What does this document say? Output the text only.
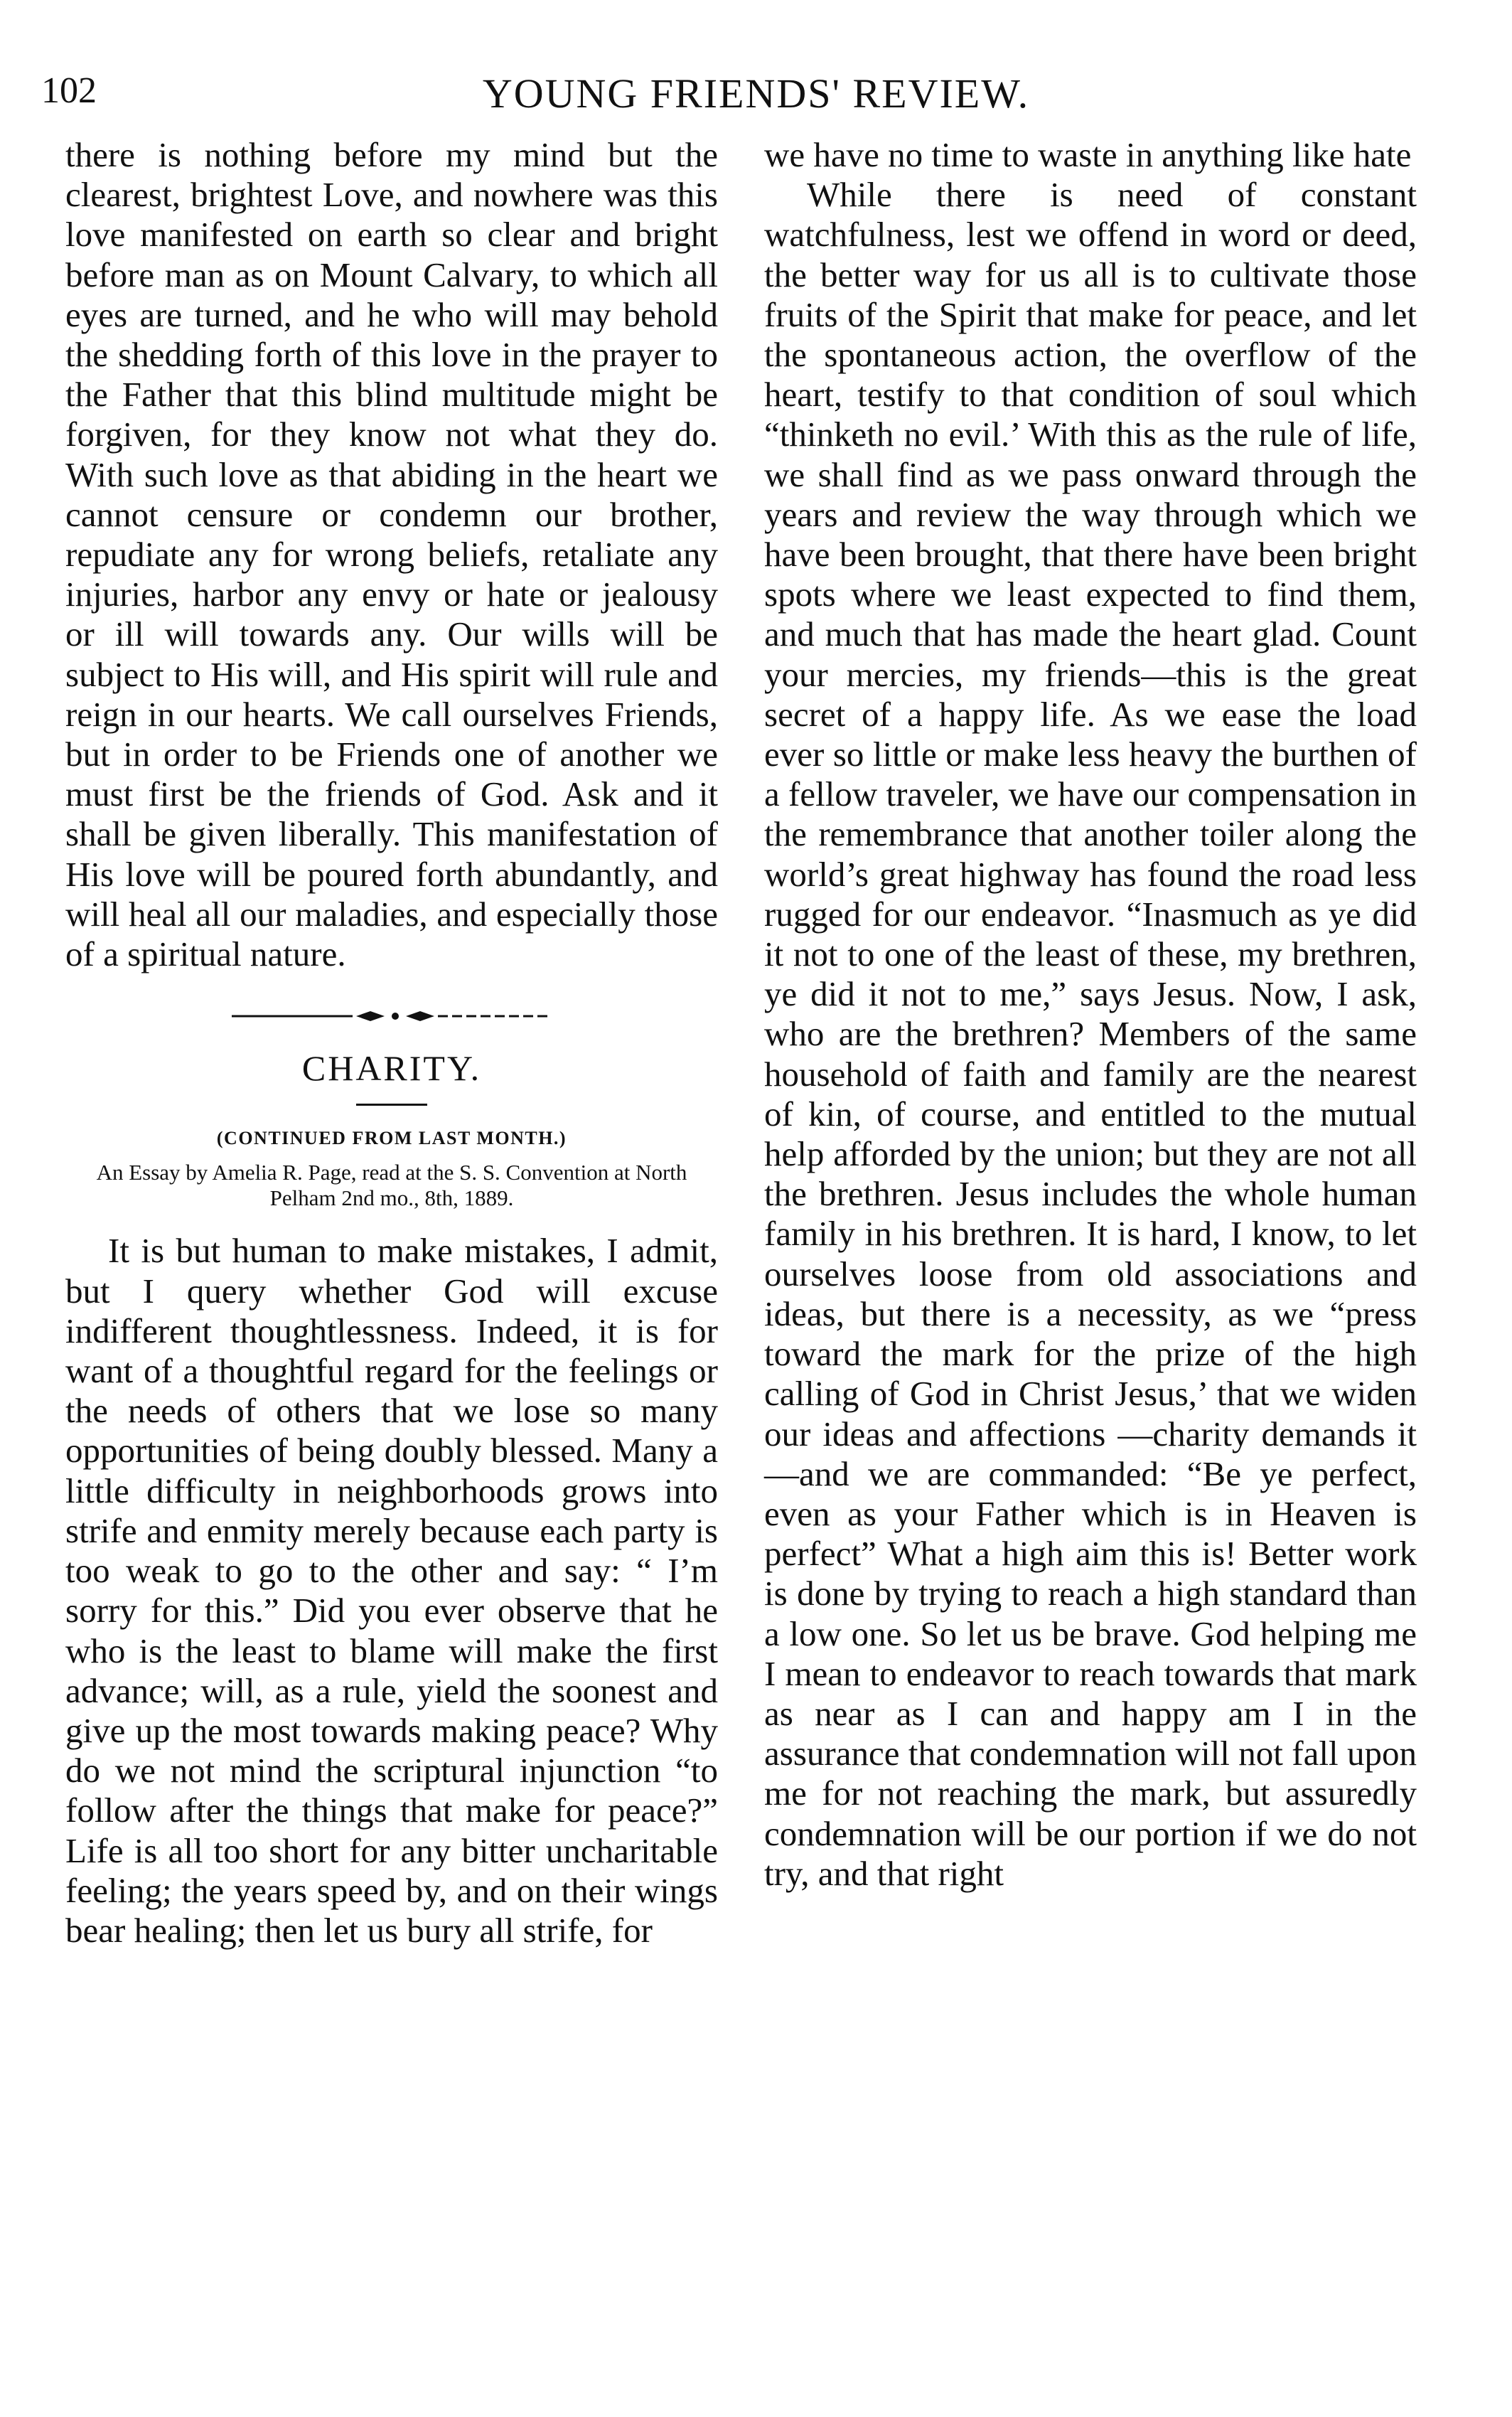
102	YOUNG FRIENDS' REVIEW.

there is nothing before my mind but the clearest, brightest Love, and nowhere was this love manifested on earth so clear and bright before man as on Mount Calvary, to which all eyes are turned, and he who will may behold the shedding forth of this love in the prayer to the Father that this blind multitude might be forgiven, for they know not what they do. With such love as that abiding in the heart we cannot censure or condemn our brother, repudiate any for wrong beliefs, retaliate any injuries, harbor any envy or hate or jealousy or ill will towards any. Our wills will be subject to His will, and His spirit will rule and reign in our hearts. We call ourselves Friends, but in order to be Friends one of another we must first be the friends of God. Ask and it shall be given liberally. This manifestation of His love will be poured forth abundantly, and will heal all our maladies, and especially those of a spiritual nature.

CHARITY.
(CONTINUED FROM LAST MONTH.)
An Essay by Amelia R. Page, read at the S. S. Convention at North Pelham 2nd mo., 8th, 1889.

It is but human to make mistakes, I admit, but I query whether God will excuse indifferent thoughtlessness. Indeed, it is for want of a thoughtful regard for the feelings or the needs of others that we lose so many opportunities of being doubly blessed. Many a little difficulty in neighborhoods grows into strife and enmity merely because each party is too weak to go to the other and say: “ I’m sorry for this.” Did you ever observe that he who is the least to blame will make the first advance; will, as a rule, yield the soonest and give up the most towards making peace? Why do we not mind the scriptural injunction “to follow after the things that make for peace?” Life is all too short for any bitter uncharitable feeling; the years speed by, and on their wings bear healing; then let us bury all strife, for

we have no time to waste in anything like hate

While there is need of constant watchfulness, lest we offend in word or deed, the better way for us all is to cultivate those fruits of the Spirit that make for peace, and let the spontaneous action, the overflow of the heart, testify to that condition of soul which “thinketh no evil.’ With this as the rule of life, we shall find as we pass onward through the years and review the way through which we have been brought, that there have been bright spots where we least expected to find them, and much that has made the heart glad. Count your mercies, my friends—this is the great secret of a happy life. As we ease the load ever so little or make less heavy the burthen of a fellow traveler, we have our compensation in the remembrance that another toiler along the world’s great highway has found the road less rugged for our endeavor. “Inasmuch as ye did it not to one of the least of these, my brethren, ye did it not to me,” says Jesus. Now, I ask, who are the brethren? Members of the same household of faith and family are the nearest of kin, of course, and entitled to the mutual help afforded by the union; but they are not all the brethren. Jesus includes the whole human family in his brethren. It is hard, I know, to let ourselves loose from old associations and ideas, but there is a necessity, as we “press toward the mark for the prize of the high calling of God in Christ Jesus,’ that we widen our ideas and affections —charity demands it—and we are commanded: “Be ye perfect, even as your Father which is in Heaven is perfect” What a high aim this is! Better work is done by trying to reach a high standard than a low one. So let us be brave. God helping me I mean to endeavor to reach towards that mark as near as I can and happy am I in the assurance that condemnation will not fall upon me for not reaching the mark, but assuredly condemnation will be our portion if we do not try, and that right
